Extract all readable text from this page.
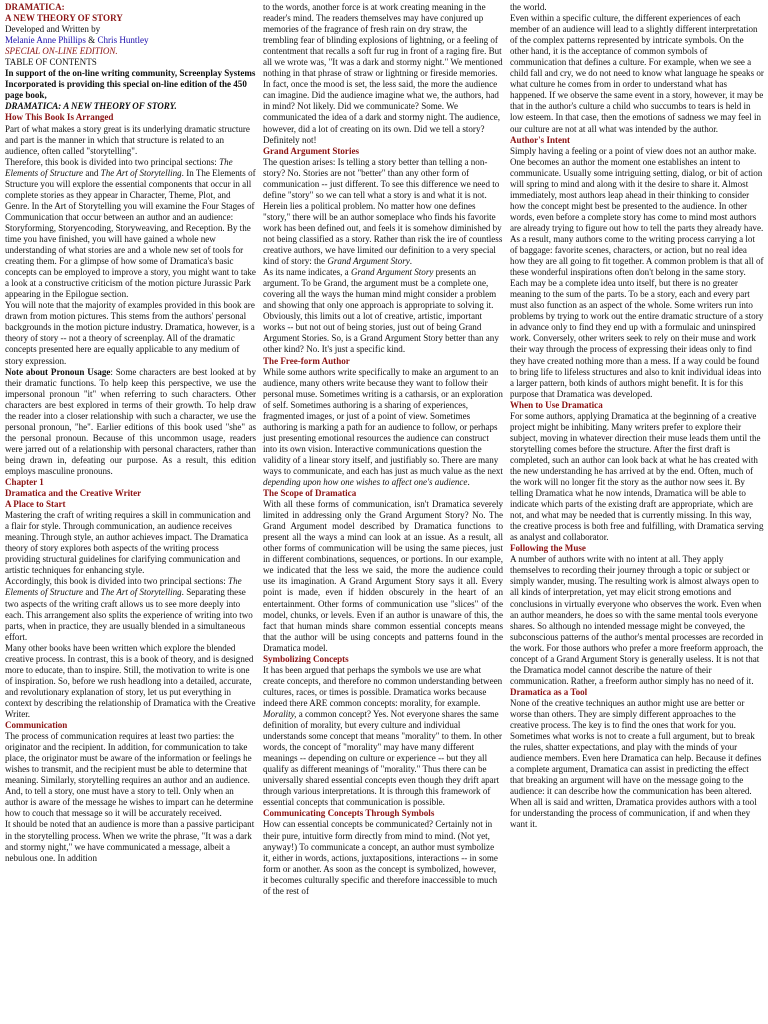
DRAMATICA:
A NEW THEORY OF STORY
Developed and Written by
Melanie Anne Phillips & Chris Huntley
SPECIAL ON-LINE EDITION.
TABLE OF CONTENTS
In support of the on-line writing community, Screenplay Systems
Incorporated is providing this special on-line edition of the 450 page book,
DRAMATICA: A NEW THEORY OF STORY.
How This Book Is Arranged

Part of what makes a story great is its underlying dramatic structure and part is the manner in which that structure is related to an audience, often called "storytelling".

Therefore, this book is divided into two principal sections: The Elements of Structure and The Art of Storytelling. In The Elements of Structure you will explore the essential components that occur in all complete stories as they appear in Character, Theme, Plot, and Genre. In the Art of Storytelling you will examine the Four Stages of Communication that occur between an author and an audience: Storyforming, Storyencoding, Storyweaving, and Reception. By the time you have finished, you will have gained a whole new understanding of what stories are and a whole new set of tools for creating them. For a glimpse of how some of Dramatica's basic concepts can be employed to improve a story, you might want to take a look at a constructive criticism of the motion picture Jurassic Park appearing in the Epilogue section.

You will note that the majority of examples provided in this book are drawn from motion pictures. This stems from the authors' personal backgrounds in the motion picture industry. Dramatica, however, is a theory of story -- not a theory of screenplay. All of the dramatic concepts presented here are equally applicable to any medium of story expression.

Note about Pronoun Usage: Some characters are best looked at by their dramatic functions. To help keep this perspective, we use the impersonal pronoun "it" when referring to such characters. Other characters are best explored in terms of their growth. To help draw the reader into a closer relationship with such a character, we use the personal pronoun, "he". Earlier editions of this book used "she" as the personal pronoun. Because of this uncommon usage, readers were jarred out of a relationship with personal characters, rather than being drawn in, defeating our purpose. As a result, this edition employs masculine pronouns.

Chapter 1
Dramatica and the Creative Writer
A Place to Start

Mastering the craft of writing requires a skill in communication and a flair for style. Through communication, an audience receives meaning. Through style, an author achieves impact. The Dramatica theory of story explores both aspects of the writing process providing structural guidelines for clarifying communication and artistic techniques for enhancing style.

Accordingly, this book is divided into two principal sections: The Elements of Structure and The Art of Storytelling. Separating these two aspects of the writing craft allows us to see more deeply into each. This arrangement also splits the experience of writing into two parts, when in practice, they are usually blended in a simultaneous effort.

Many other books have been written which explore the blended creative process. In contrast, this is a book of theory, and is designed more to educate, than to inspire. Still, the motivation to write is one of inspiration. So, before we rush headlong into a detailed, accurate, and revolutionary explanation of story, let us put everything in context by describing the relationship of Dramatica with the Creative Writer.

Communication

The process of communication requires at least two parties: the originator and the recipient. In addition, for communication to take place, the originator must be aware of the information or feelings he wishes to transmit, and the recipient must be able to determine that meaning. Similarly, storytelling requires an author and an audience. And, to tell a story, one must have a story to tell. Only when an author is aware of the message he wishes to impart can he determine how to couch that message so it will be accurately received.

It should be noted that an audience is more than a passive participant in the storytelling process. When we write the phrase, "It was a dark and stormy night," we have communicated a message, albeit a nebulous one. In addition

to the words, another force is at work creating meaning in the reader's mind. The readers themselves may have conjured up memories of the fragrance of fresh rain on dry straw, the trembling fear of blinding explosions of lightning, or a feeling of contentment that recalls a soft fur rug in front of a raging fire. But all we wrote was, "It was a dark and stormy night." We mentioned nothing in that phrase of straw or lightning or fireside memories. In fact, once the mood is set, the less said, the more the audience can imagine. Did the audience imagine what we, the authors, had in mind? Not likely. Did we communicate? Some. We communicated the idea of a dark and stormy night. The audience, however, did a lot of creating on its own. Did we tell a story? Definitely not!

Grand Argument Stories

The question arises: Is telling a story better than telling a non-story? No. Stories are not "better" than any other form of communication -- just different. To see this difference we need to define "story" so we can tell what a story is and what it is not. Herein lies a political problem. No matter how one defines "story," there will be an author someplace who finds his favorite work has been defined out, and feels it is somehow diminished by not being classified as a story. Rather than risk the ire of countless creative authors, we have limited our definition to a very special kind of story: the Grand Argument Story.

As its name indicates, a Grand Argument Story presents an argument. To be Grand, the argument must be a complete one, covering all the ways the human mind might consider a problem and showing that only one approach is appropriate to solving it. Obviously, this limits out a lot of creative, artistic, important works -- but not out of being stories, just out of being Grand Argument Stories. So, is a Grand Argument Story better than any other kind? No. It's just a specific kind.

The Free-form Author

While some authors write specifically to make an argument to an audience, many others write because they want to follow their personal muse. Sometimes writing is a catharsis, or an exploration of self. Sometimes authoring is a sharing of experiences, fragmented images, or just of a point of view. Sometimes authoring is marking a path for an audience to follow, or perhaps just presenting emotional resources the audience can construct into its own vision. Interactive communications question the validity of a linear story itself, and justifiably so. There are many ways to communicate, and each has just as much value as the next depending upon how one wishes to affect one's audience.

The Scope of Dramatica

With all these forms of communication, isn't Dramatica severely limited in addressing only the Grand Argument Story? No. The Grand Argument model described by Dramatica functions to present all the ways a mind can look at an issue. As a result, all other forms of communication will be using the same pieces, just in different combinations, sequences, or portions. In our example, we indicated that the less we said, the more the audience could use its imagination. A Grand Argument Story says it all. Every point is made, even if hidden obscurely in the heart of an entertainment. Other forms of communication use "slices" of the model, chunks, or levels. Even if an author is unaware of this, the fact that human minds share common essential concepts means that the author will be using concepts and patterns found in the Dramatica model.

Symbolizing Concepts

It has been argued that perhaps the symbols we use are what create concepts, and therefore no common understanding between cultures, races, or times is possible. Dramatica works because indeed there ARE common concepts: morality, for example. Morality, a common concept? Yes. Not everyone shares the same definition of morality, but every culture and individual understands some concept that means "morality" to them. In other words, the concept of "morality" may have many different meanings -- depending on culture or experience -- but they all qualify as different meanings of "morality." Thus there can be universally shared essential concepts even though they drift apart through various interpretations. It is through this framework of essential concepts that communication is possible.

Communicating Concepts Through Symbols

How can essential concepts be communicated? Certainly not in their pure, intuitive form directly from mind to mind. (Not yet, anyway!) To communicate a concept, an author must symbolize it, either in words, actions, juxtapositions, interactions -- in some form or another. As soon as the concept is symbolized, however, it becomes culturally specific and therefore inaccessible to much of the rest of

the world.

Even within a specific culture, the different experiences of each member of an audience will lead to a slightly different interpretation of the complex patterns represented by intricate symbols. On the other hand, it is the acceptance of common symbols of communication that defines a culture. For example, when we see a child fall and cry, we do not need to know what language he speaks or what culture he comes from in order to understand what has happened. If we observe the same event in a story, however, it may be that in the author's culture a child who succumbs to tears is held in low esteem. In that case, then the emotions of sadness we may feel in our culture are not at all what was intended by the author.

Author's Intent

Simply having a feeling or a point of view does not an author make. One becomes an author the moment one establishes an intent to communicate. Usually some intriguing setting, dialog, or bit of action will spring to mind and along with it the desire to share it. Almost immediately, most authors leap ahead in their thinking to consider how the concept might best be presented to the audience. In other words, even before a complete story has come to mind most authors are already trying to figure out how to tell the parts they already have.

As a result, many authors come to the writing process carrying a lot of baggage: favorite scenes, characters, or action, but no real idea how they are all going to fit together. A common problem is that all of these wonderful inspirations often don't belong in the same story. Each may be a complete idea unto itself, but there is no greater meaning to the sum of the parts. To be a story, each and every part must also function as an aspect of the whole. Some writers run into problems by trying to work out the entire dramatic structure of a story in advance only to find they end up with a formulaic and uninspired work. Conversely, other writers seek to rely on their muse and work their way through the process of expressing their ideas only to find they have created nothing more than a mess. If a way could be found to bring life to lifeless structures and also to knit individual ideas into a larger pattern, both kinds of authors might benefit. It is for this purpose that Dramatica was developed.

When to Use Dramatica

For some authors, applying Dramatica at the beginning of a creative project might be inhibiting. Many writers prefer to explore their subject, moving in whatever direction their muse leads them until the storytelling comes before the structure. After the first draft is completed, such an author can look back at what he has created with the new understanding he has arrived at by the end. Often, much of the work will no longer fit the story as the author now sees it. By telling Dramatica what he now intends, Dramatica will be able to indicate which parts of the existing draft are appropriate, which are not, and what may be needed that is currently missing. In this way, the creative process is both free and fulfilling, with Dramatica serving as analyst and collaborator.

Following the Muse

A number of authors write with no intent at all. They apply themselves to recording their journey through a topic or subject or simply wander, musing. The resulting work is almost always open to all kinds of interpretation, yet may elicit strong emotions and conclusions in virtually everyone who observes the work. Even when an author meanders, he does so with the same mental tools everyone shares. So although no intended message might be conveyed, the subconscious patterns of the author's mental processes are recorded in the work. For those authors who prefer a more freeform approach, the concept of a Grand Argument Story is generally useless. It is not that the Dramatica model cannot describe the nature of their communication. Rather, a freeform author simply has no need of it.

Dramatica as a Tool

None of the creative techniques an author might use are better or worse than others. They are simply different approaches to the creative process. The key is to find the ones that work for you. Sometimes what works is not to create a full argument, but to break the rules, shatter expectations, and play with the minds of your audience members. Even here Dramatica can help. Because it defines a complete argument, Dramatica can assist in predicting the effect that breaking an argument will have on the message going to the audience: it can describe how the communication has been altered. When all is said and written, Dramatica provides authors with a tool for understanding the process of communication, if and when they want it.
